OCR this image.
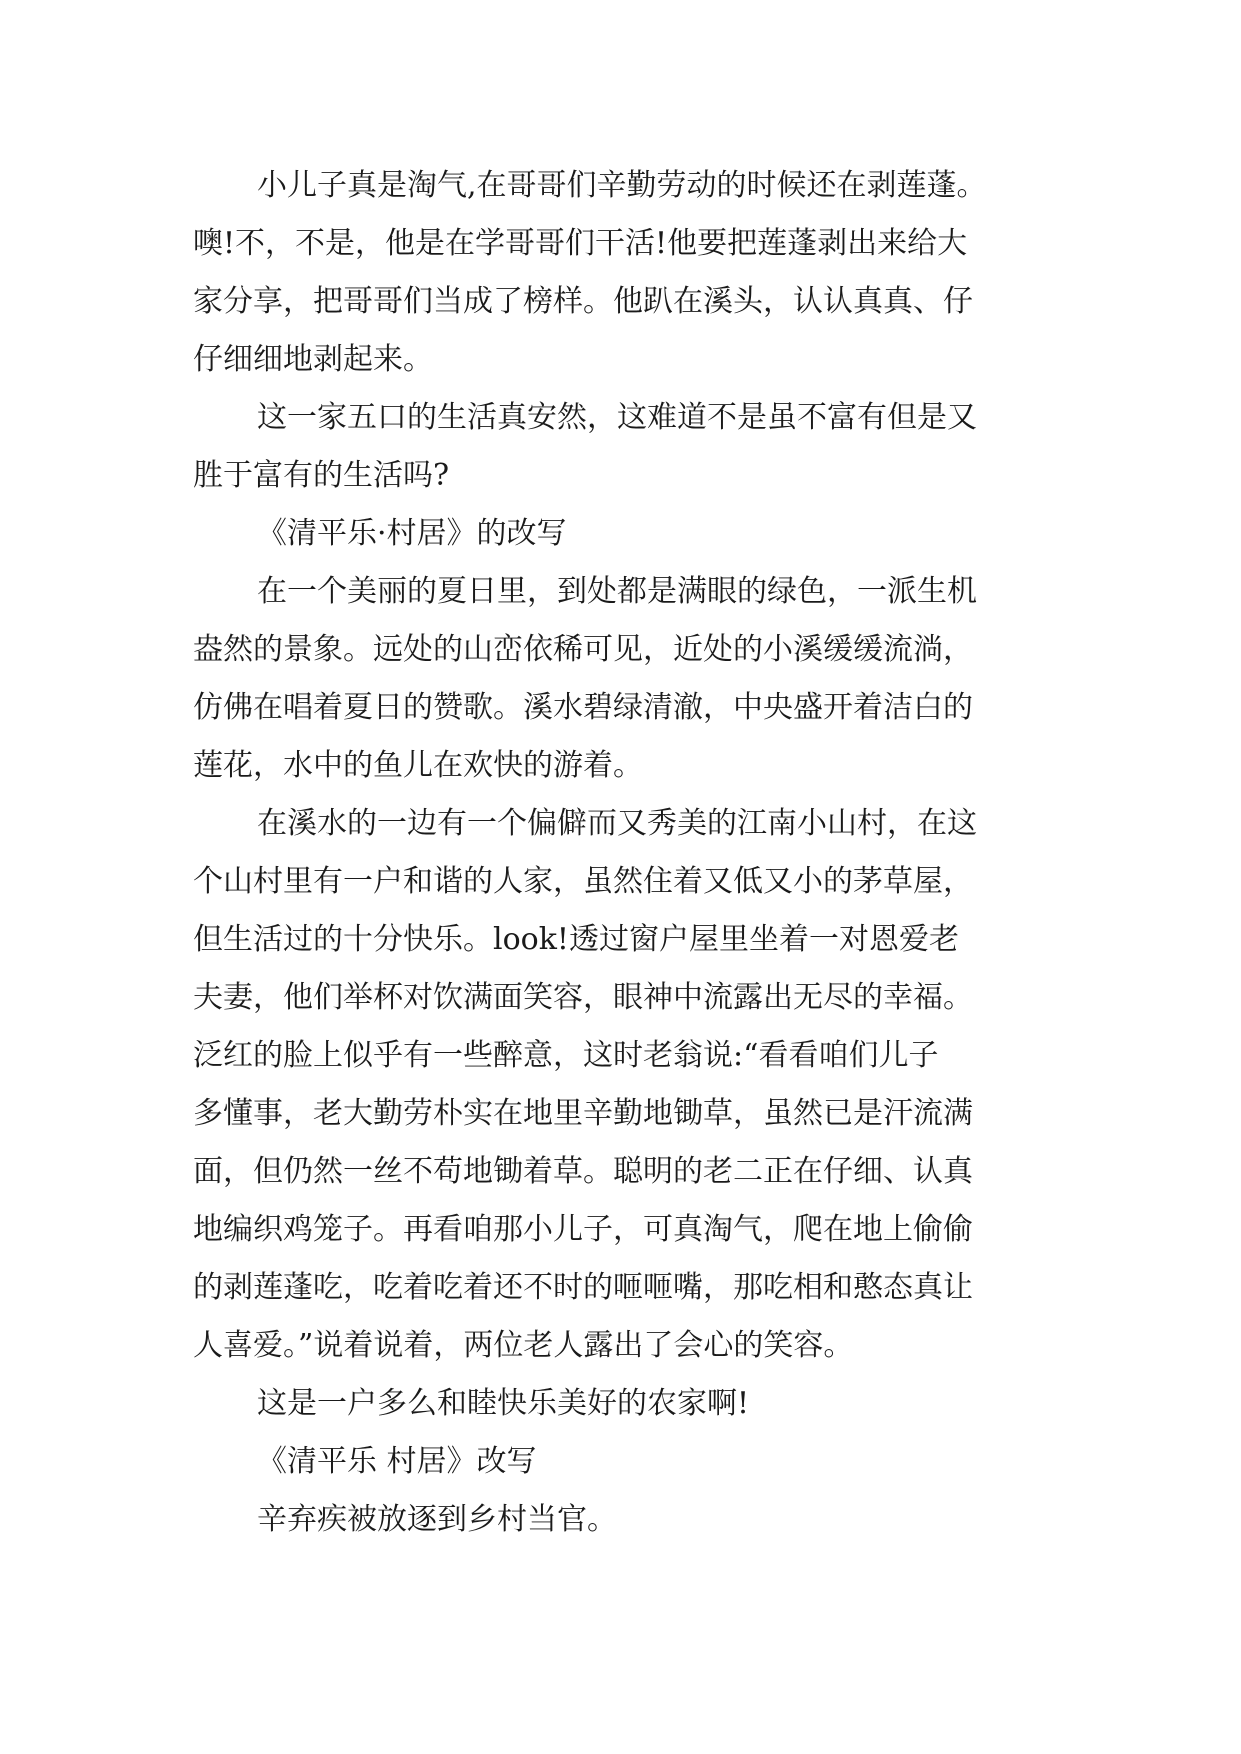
小儿子真是淘气,在哥哥们辛勤劳动的时候还在剥莲蓬。
噢!不，不是，他是在学哥哥们干活!他要把莲蓬剥出来给大
家分享，把哥哥们当成了榜样。他趴在溪头，认认真真、仔
仔细细地剥起来。
这一家五口的生活真安然，这难道不是虽不富有但是又
胜于富有的生活吗?
《清平乐·村居》的改写
在一个美丽的夏日里，到处都是满眼的绿色，一派生机
盎然的景象。远处的山峦依稀可见，近处的小溪缓缓流淌，
仿佛在唱着夏日的赞歌。溪水碧绿清澈，中央盛开着洁白的
莲花，水中的鱼儿在欢快的游着。
在溪水的一边有一个偏僻而又秀美的江南小山村，在这
个山村里有一户和谐的人家，虽然住着又低又小的茅草屋，
但生活过的十分快乐。look!透过窗户屋里坐着一对恩爱老
夫妻，他们举杯对饮满面笑容，眼神中流露出无尽的幸福。
泛红的脸上似乎有一些醉意，这时老翁说:“看看咱们儿子
多懂事，老大勤劳朴实在地里辛勤地锄草，虽然已是汗流满
面，但仍然一丝不苟地锄着草。聪明的老二正在仔细、认真
地编织鸡笼子。再看咱那小儿子，可真淘气，爬在地上偷偷
的剥莲蓬吃，吃着吃着还不时的咂咂嘴，那吃相和憨态真让
人喜爱。”说着说着，两位老人露出了会心的笑容。
这是一户多么和睦快乐美好的农家啊!
《清平乐 村居》改写
辛弃疾被放逐到乡村当官。
